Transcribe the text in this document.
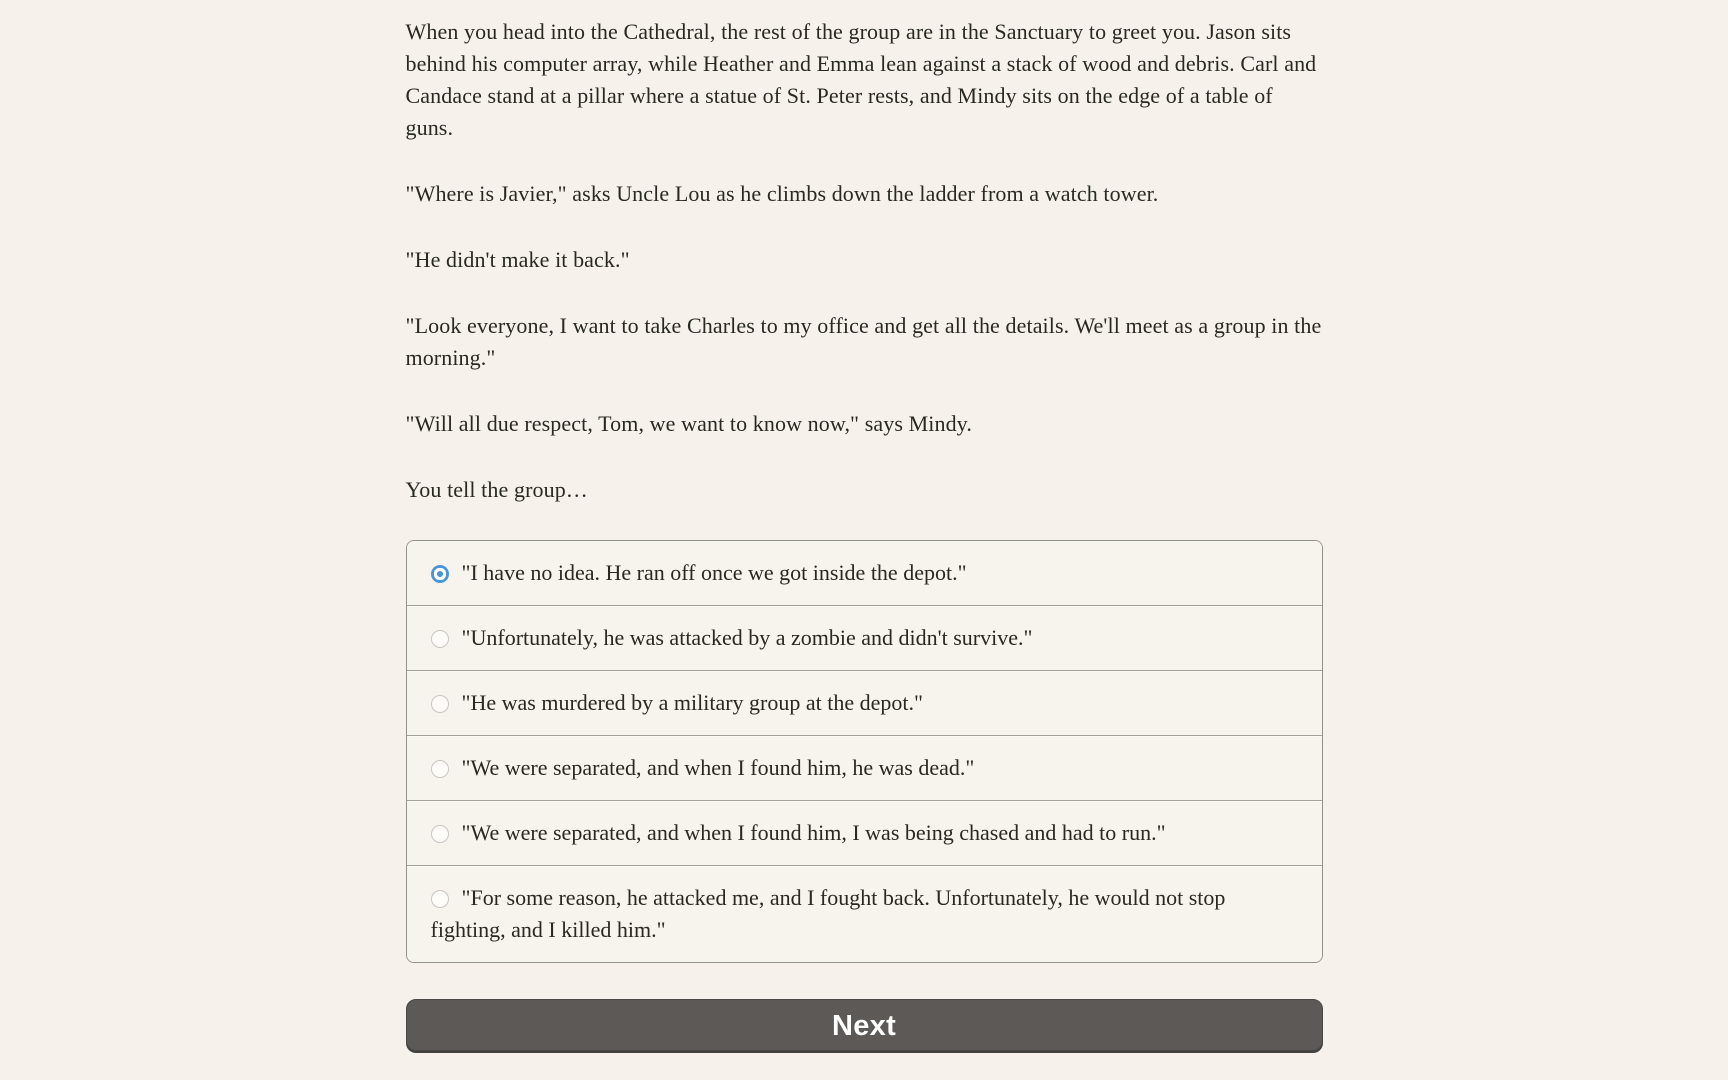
When you head into the Cathedral, the rest of the group are in the Sanctuary to greet you. Jason sits behind his computer array, while Heather and Emma lean against a stack of wood and debris. Carl and Candace stand at a pillar where a statue of St. Peter rests, and Mindy sits on the edge of a table of guns.

"Where is Javier," asks Uncle Lou as he climbs down the ladder from a watch tower.

"He didn't make it back."

"Look everyone, I want to take Charles to my office and get all the details. We'll meet as a group in the morning."

"Will all due respect, Tom, we want to know now," says Mindy.

You tell the group…

"I have no idea. He ran off once we got inside the depot."
"Unfortunately, he was attacked by a zombie and didn't survive."
"He was murdered by a military group at the depot."
"We were separated, and when I found him, he was dead."
"We were separated, and when I found him, I was being chased and had to run."
"For some reason, he attacked me, and I fought back. Unfortunately, he would not stop fighting, and I killed him."
Next
